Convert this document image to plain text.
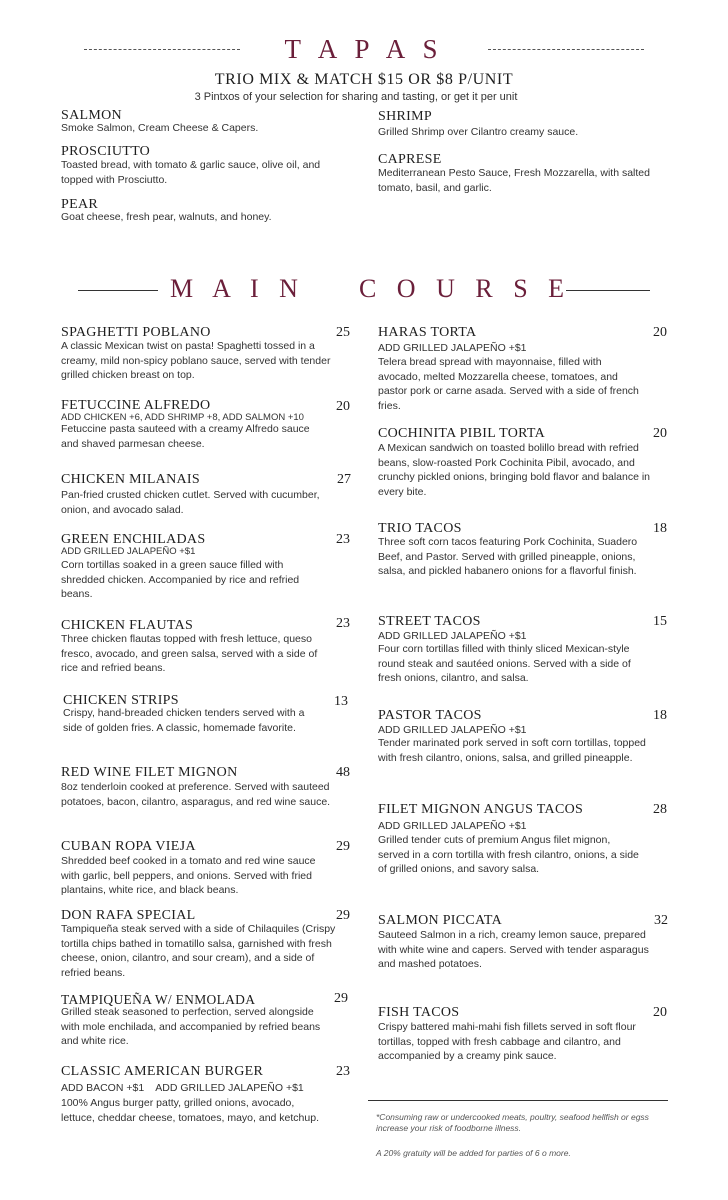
T A P A S
TRIO MIX & MATCH $15 OR $8 P/UNIT
3 Pintxos of your selection for sharing and tasting, or get it per unit
SALMON
Smoke Salmon, Cream Cheese & Capers.
PROSCIUTTO
Toasted bread, with tomato & garlic sauce, olive oil, and topped with Prosciutto.
PEAR
Goat cheese, fresh pear, walnuts, and honey.
SHRIMP
Grilled Shrimp over Cilantro creamy sauce.
CAPRESE
Mediterranean Pesto Sauce, Fresh Mozzarella, with salted tomato, basil, and garlic.
M A I N    C O U R S E
SPAGHETTI POBLANO	25
A classic Mexican twist on pasta! Spaghetti tossed in a creamy, mild non-spicy poblano sauce, served with tender grilled chicken breast on top.
FETUCCINE ALFREDO	20
ADD CHICKEN +6, ADD SHRIMP +8, ADD SALMON +10
Fetuccine pasta sauteed with a creamy Alfredo sauce and shaved parmesan cheese.
CHICKEN MILANAIS	27
Pan-fried crusted chicken cutlet. Served with cucumber, onion, and avocado salad.
GREEN ENCHILADAS	23
ADD GRILLED JALAPEÑO +$1
Corn tortillas soaked in a green sauce filled with shredded chicken. Accompanied by rice and refried beans.
CHICKEN FLAUTAS	23
Three chicken flautas topped with fresh lettuce, queso fresco, avocado, and green salsa, served with a side of rice and refried beans.
CHICKEN STRIPS	13
Crispy, hand-breaded chicken tenders served with a side of golden fries. A classic, homemade favorite.
RED WINE FILET MIGNON	48
8oz tenderloin cooked at preference. Served with sauteed potatoes, bacon, cilantro, asparagus, and red wine sauce.
CUBAN ROPA VIEJA	29
Shredded beef cooked in a tomato and red wine sauce with garlic, bell peppers, and onions. Served with fried plantains, white rice, and black beans.
DON RAFA SPECIAL	29
Tampiqueña steak served with a side of Chilaquiles (Crispy tortilla chips bathed in tomatillo salsa, garnished with fresh cheese, onion, cilantro, and sour cream), and a side of refried beans.
TAMPIQUEÑA W/ ENMOLADA	29
Grilled steak seasoned to perfection, served alongside with mole enchilada, and accompanied by refried beans and white rice.
CLASSIC AMERICAN BURGER	23
ADD BACON +$1    ADD GRILLED JALAPEÑO +$1
100% Angus burger patty, grilled onions, avocado, lettuce, cheddar cheese, tomatoes, mayo, and ketchup.
HARAS TORTA	20
ADD GRILLED JALAPEÑO +$1
Telera bread spread with mayonnaise, filled with avocado, melted Mozzarella cheese, tomatoes, and pastor pork or carne asada. Served with a side of french fries.
COCHINITA PIBIL TORTA	20
A Mexican sandwich on toasted bolillo bread with refried beans, slow-roasted Pork Cochinita Pibil, avocado, and crunchy pickled onions, bringing bold flavor and balance in every bite.
TRIO TACOS	18
Three soft corn tacos featuring Pork Cochinita, Suadero Beef, and Pastor. Served with grilled pineapple, onions, salsa, and pickled habanero onions for a flavorful finish.
STREET TACOS	15
ADD GRILLED JALAPEÑO +$1
Four corn tortillas filled with thinly sliced Mexican-style round steak and sautéed onions. Served with a side of fresh onions, cilantro, and salsa.
PASTOR TACOS	18
ADD GRILLED JALAPEÑO +$1
Tender marinated pork served in soft corn tortillas, topped with fresh cilantro, onions, salsa, and grilled pineapple.
FILET MIGNON ANGUS TACOS	28
ADD GRILLED JALAPEÑO +$1
Grilled tender cuts of premium Angus filet mignon, served in a corn tortilla with fresh cilantro, onions, a side of grilled onions, and savory salsa.
SALMON PICCATA	32
Sauteed Salmon in a rich, creamy lemon sauce, prepared with white wine and capers. Served with tender asparagus and mashed potatoes.
FISH TACOS	20
Crispy battered mahi-mahi fish fillets served in soft flour tortillas, topped with fresh cabbage and cilantro, and accompanied by a creamy pink sauce.
*Consuming raw or undercooked meats, poultry, seafood hellfish or egss increase your risk of foodborne illness.
A 20% gratuity will be added for parties of 6 o more.
